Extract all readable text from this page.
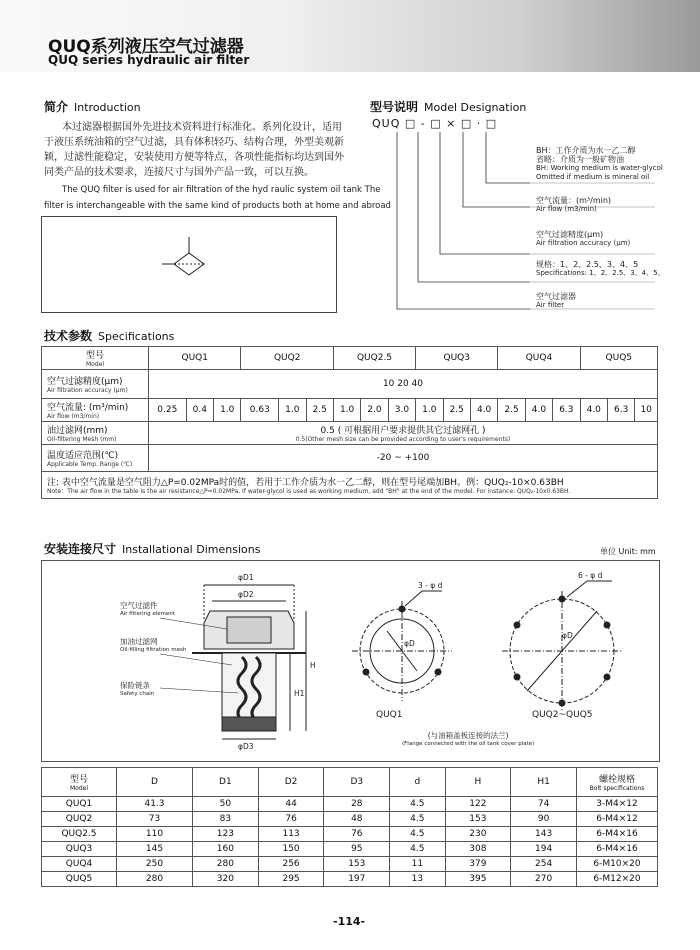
QUQ系列液压空气过滤器
QUQ series hydraulic air filter
简介 Introduction
本过滤器根据国外先进技术资料进行标准化、系列化设计，适用
于液压系统油箱的空气过滤，具有体积轻巧、结构合理，外型美观新
颖，过滤性能稳定，安装使用方便等特点，各项性能指标均达到国外
同类产品的技术要求，连接尺寸与国外产品一致，可以互换。
The QUQ filter is used for air filtration of the hyd raulic system oil tank The
filter is interchangeable with the same kind of products both at home and abroad
型号说明 Model Designation
QUQ □ - □ × □ · □
BH：工作介质为水一乙二醇
省略：介质为一般矿物油
BH: Working medium is water-glycol
Omitted if medium is mineral oil
空气流量：(m³/min)
Air flow (m3/min)
空气过滤精度(μm)
Air filtration accuracy (μm)
规格：1、2、2.5、3、4、5
Specifications: 1、2、2.5、3、4、5、
空气过滤器
Air filter
技术参数 Specifications
型号
Model	QUQ1			QUQ2			QUQ2.5			QUQ3			QUQ4			QUQ5		
空气过滤精度(μm)
Air filtration accuracy (μm)	10 20 40																	
空气流量: (m³/min)
Air flow (m3/min)	0.25	0.4	1.0	0.63	1.0	2.5	1.0	2.0	3.0	1.0	2.5	4.0	2.5	4.0	6.3	4.0	6.3	10
油过滤网(mm)
Oil-filtering Mesh (mm)	0.5 ( 可根据用户要求提供其它过滤网孔 )
0.5(Other mesh size can be provided according to user's requirements)																	

温度适应范围(℃)
Applicable Temp. Range (℃)	-20 ~ +100																	
注: 表中空气流量是空气阻力△P=0.02MPa时的值，若用于工作介质为水一乙二醇，则在型号尾端加BH。例：QUQ₂-10×0.63BH
Note：The air flow in the table is the air resistance△P=0.02MPa. If water-glycol is used as working medium, add "BH" at the end of the model. For instance: QUQ₂-10x0.63BH.																		
安装连接尺寸 Installational Dimensions	单位 Unit: mm
φD1
φD2
φD3
H
H1
空气过滤件
Air filtering element
加油过滤网
Oil-filling filtration mesh
保险链条
Safety chain
3 - φ d
6 - φ d
φD
φD
QUQ1	QUQ2~QUQ5
(与油箱盖板连接的法兰)
(Flange connected with the oil tank cover plate)
型号
Model	D	D1	D2	D3	d	H	H1	螺栓规格
Bolt specifications

QUQ1	41.3	50	44	28	4.5	122	74	3-M4×12
QUQ2	73	83	76	48	4.5	153	90	6-M4×12
QUQ2.5	110	123	113	76	4.5	230	143	6-M4×16
QUQ3	145	160	150	95	4.5	308	194	6-M4×16
QUQ4	250	280	256	153	11	379	254	6-M10×20
QUQ5	280	320	295	197	13	395	270	6-M12×20
-114-
